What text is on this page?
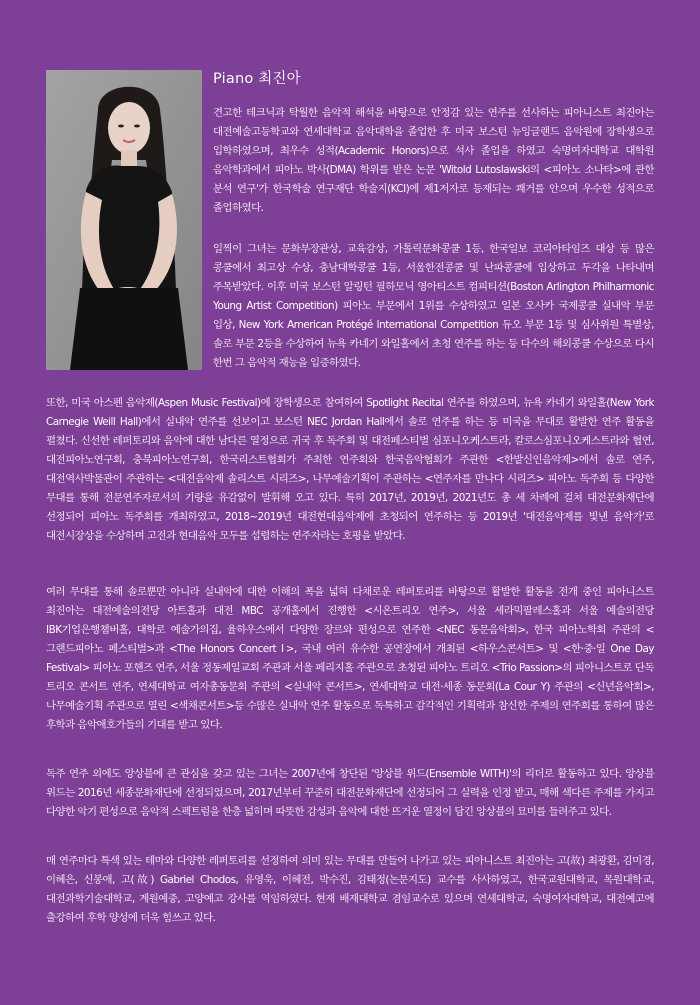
Piano 최진아

견고한 테크닉과 탁월한 음악적 해석을 바탕으로 안정감 있는 연주를 선사하는 피아니스트 최진아는 대전예술고등학교와 연세대학교 음악대학을 졸업한 후 미국 보스턴 뉴잉글랜드 음악원에 장학생으로 입학하였으며, 최우수 성적(Academic Honors)으로 석사 졸업을 하였고 숙명여자대학교 대학원 음악학과에서 피아노 박사(DMA) 학위를 받은 논문 'Witold Lutoslawski의 <피아노 소나타>에 관한 분석 연구'가 한국학술 연구재단 학술지(KCI)에 제1저자로 등재되는 쾌거를 안으며 우수한 성적으로 졸업하였다.

일찍이 그녀는 문화부장관상, 교육감상, 가톨릭문화콩쿨 1등, 한국일보 코리아타임즈 대상 등 많은 콩쿨에서 최고상 수상, 충남대학콩쿨 1등, 서울한전콩쿨 및 난파콩쿨에 입상하고 두각을 나타내며 주목받았다. 이후 미국 보스턴 알링턴 필하모닉 영아티스트 컴피티션(Boston Arlington Philharmonic Young Artist Competition) 피아노 부문에서 1위를 수상하였고 일본 오사카 국제콩쿨 실내악 부문 입상, New York American Protégé International Competition 듀오 부문 1등 및 심사위원 특별상, 솔로 부문 2등을 수상하여 뉴욕 카네기 와일홀에서 초청 연주를 하는 등 다수의 해외콩쿨 수상으로 다시 한번 그 음악적 재능을 입증하였다.

또한, 미국 아스펜 음악제(Aspen Music Festival)에 장학생으로 참여하여 Spotlight Recital 연주를 하였으며, 뉴욕 카네기 와일홀(New York Carnegie Weill Hall)에서 실내악 연주를 선보이고 보스턴 NEC Jordan Hall에서 솔로 연주를 하는 등 미국을 무대로 활발한 연주 활동을 펼쳤다. 신선한 레퍼토리와 음악에 대한 남다른 열정으로 귀국 후 독주회 및 대전페스티벌 심포니오케스트라, 칼로스심포니오케스트라와 협연, 대전피아노연구회, 충북피아노연구회, 한국리스트협회가 주최한 연주회와 한국음악협회가 주관한 <한밭신인음악제>에서 솔로 연주, 대전역사박물관이 주관하는 <대전음악제 솔리스트 시리즈>, 나무예술기획이 주관하는 <연주자를 만나다 시리즈> 피아노 독주회 등 다양한 무대를 통해 전문연주자로서의 기량을 유감없이 발휘해 오고 있다. 특히 2017년, 2019년, 2021년도 총 세 차례에 걸쳐 대전문화재단에 선정되어 피아노 독주회를 개최하였고, 2018~2019년 대전현대음악제에 초청되어 연주하는 등 2019년 '대전음악제를 빛낸 음악가'로 대전시장상을 수상하며 고전과 현대음악 모두를 섭렵하는 연주자라는 호평을 받았다.

여러 무대를 통해 솔로뿐만 아니라 실내악에 대한 이해의 폭을 넓혀 다채로운 레퍼토리를 바탕으로 활발한 활동을 전개 중인 피아니스트 최진아는 대전예술의전당 아트홀과 대전 MBC 공개홀에서 진행한 <시온트리오 연주>, 서울 세라믹팔레스홀과 서울 예술의전당 IBK기업은행챔버홀, 대학로 예술가의집, 율하우스에서 다양한 장르와 편성으로 연주한 <NEC 동문음악회>, 한국 피아노학회 주관의 <그랜드피아노 페스티벌>과 <The Honors Concert Ⅰ>, 국내 여러 유수한 공연장에서 개최된 <하우스콘서트> 및 <한·중·일 One Day Festival> 피아노 포핸즈 연주, 서울 정동제일교회 주관과 서울 페리지홀 주관으로 초청된 피아노 트리오 <Trio Passion>의 피아니스트로 단독 트리오 콘서트 연주, 연세대학교 여자총동문회 주관의 <실내악 콘서트>, 연세대학교 대전·세종 동문회(La Cour Y) 주관의 <신년음악회>, 나무예술기획 주관으로 열린 <색채콘서트>등 수많은 실내악 연주 활동으로 독특하고 감각적인 기획력과 참신한 주제의 연주회를 통하여 많은 후학과 음악애호가들의 기대를 받고 있다.

독주 연주 외에도 앙상블에 큰 관심을 갖고 있는 그녀는 2007년에 창단된 '앙상블 위드(Ensemble WITH)'의 리더로 활동하고 있다. 앙상블 위드는 2016년 세종문화재단에 선정되었으며, 2017년부터 꾸준히 대전문화재단에 선정되어 그 실력을 인정 받고, 매해 색다른 주제를 가지고 다양한 악기 편성으로 음악적 스펙트럼을 한층 넓히며 따뜻한 감성과 음악에 대한 뜨거운 열정이 담긴 앙상블의 묘미를 들려주고 있다.

매 연주마다 특색 있는 테마와 다양한 레퍼토리를 선정하여 의미 있는 무대를 만들어 나가고 있는 피아니스트 최진아는 고(故) 최광환, 김미경, 이혜은, 신봉애, 고(故) Gabriel Chodos, 유영욱, 이혜전, 박수진, 김태정(논문지도) 교수를 사사하였고, 한국교원대학교, 목원대학교, 대전과학기술대학교, 계원예중, 고양예고 강사를 역임하였다. 현재 배재대학교 겸임교수로 있으며 연세대학교, 숙명여자대학교, 대전예고에 출강하여 후학 양성에 더욱 힘쓰고 있다.
